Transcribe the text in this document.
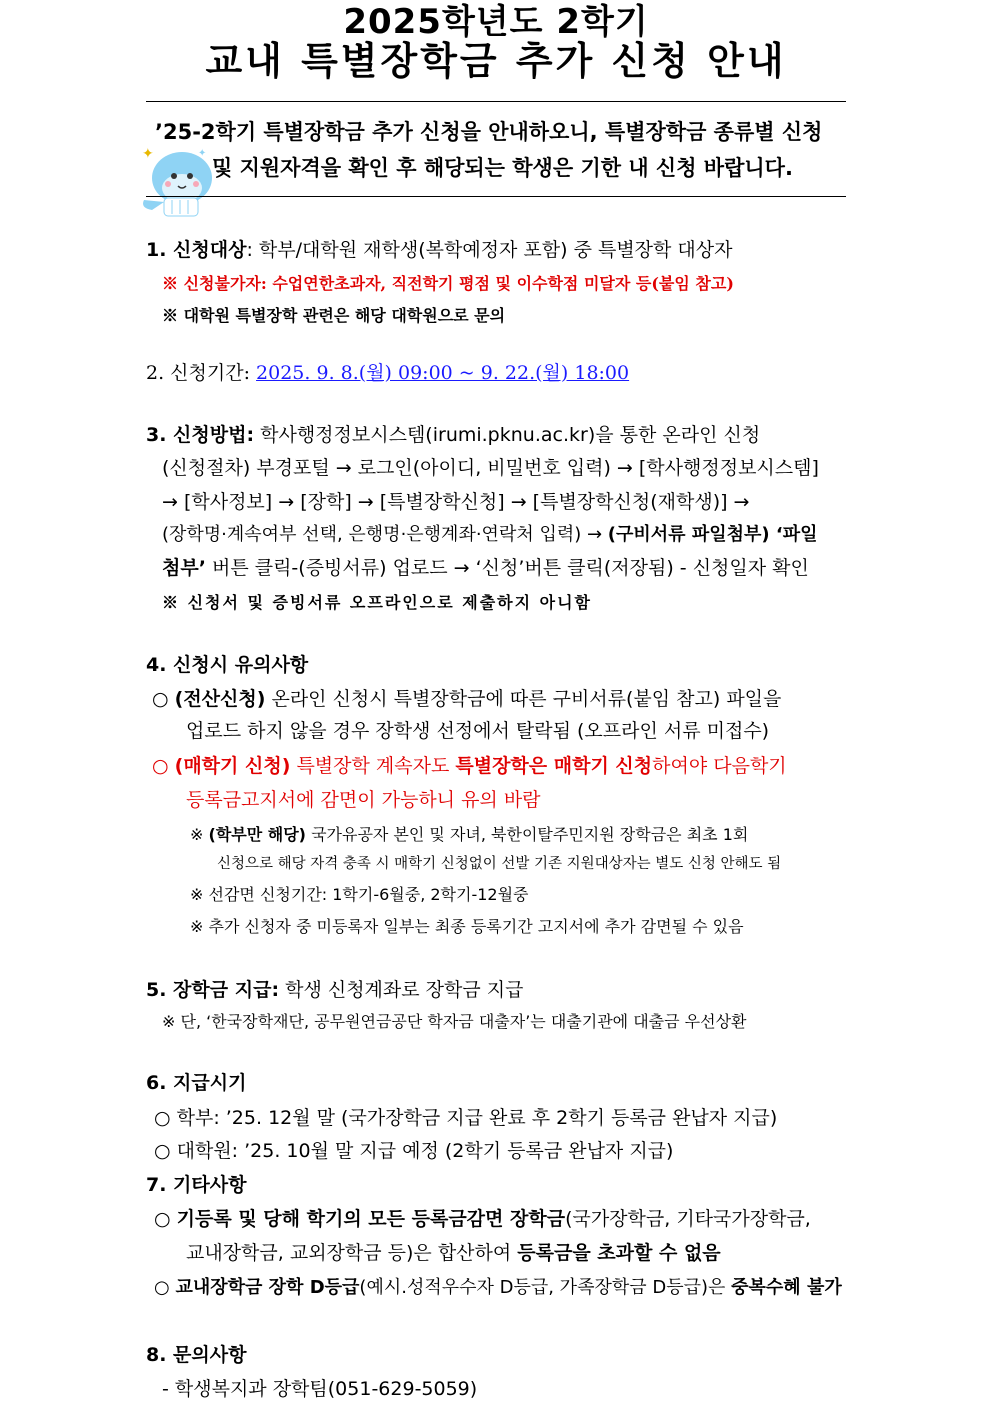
2025학년도 2학기
교내 특별장학금 추가 신청 안내
’25-2학기 특별장학금 추가 신청을 안내하오니, 특별장학금 종류별 신청
및 지원자격을 확인 후 해당되는 학생은 기한 내 신청 바랍니다.
✦	✦
1. 신청대상: 학부/대학원 재학생(복학예정자 포함) 중 특별장학 대상자
※ 신청불가자: 수업연한초과자, 직전학기 평점 및 이수학점 미달자 등(붙임 참고)
※ 대학원 특별장학 관련은 해당 대학원으로 문의
2. 신청기간: 2025. 9. 8.(월) 09:00 ~ 9. 22.(월) 18:00
3. 신청방법: 학사행정정보시스템(irumi.pknu.ac.kr)을 통한 온라인 신청
(신청절차) 부경포털 → 로그인(아이디, 비밀번호 입력) → [학사행정정보시스템]
→ [학사정보] → [장학] → [특별장학신청] → [특별장학신청(재학생)] →
(장학명·계속여부 선택, 은행명·은행계좌·연락처 입력) → (구비서류 파일첨부) ‘파일
첨부’ 버튼 클릭-(증빙서류) 업로드 → ‘신청’버튼 클릭(저장됨) - 신청일자 확인
※ 신청서 및 증빙서류 오프라인으로 제출하지 아니함
4. 신청시 유의사항
○ (전산신청) 온라인 신청시 특별장학금에 따른 구비서류(붙임 참고) 파일을
업로드 하지 않을 경우 장학생 선정에서 탈락됨 (오프라인 서류 미접수)
○ (매학기 신청) 특별장학 계속자도 특별장학은 매학기 신청하여야 다음학기
등록금고지서에 감면이 가능하니 유의 바람
※ (학부만 해당) 국가유공자 본인 및 자녀, 북한이탈주민지원 장학금은 최초 1회
신청으로 해당 자격 충족 시 매학기 신청없이 선발 기존 지원대상자는 별도 신청 안해도 됨
※ 선감면 신청기간: 1학기-6월중, 2학기-12월중
※ 추가 신청자 중 미등록자 일부는 최종 등록기간 고지서에 추가 감면될 수 있음
5. 장학금 지급: 학생 신청계좌로 장학금 지급
※ 단, ‘한국장학재단, 공무원연금공단 학자금 대출자’는 대출기관에 대출금 우선상환
6. 지급시기
○ 학부: ’25. 12월 말 (국가장학금 지급 완료 후 2학기 등록금 완납자 지급)
○ 대학원: ’25. 10월 말 지급 예정 (2학기 등록금 완납자 지급)
7. 기타사항
○ 기등록 및 당해 학기의 모든 등록금감면 장학금(국가장학금, 기타국가장학금,
교내장학금, 교외장학금 등)은 합산하여 등록금을 초과할 수 없음
○ 교내장학금 장학 D등급(예시.성적우수자 D등급, 가족장학금 D등급)은 중복수혜 불가
8. 문의사항
- 학생복지과 장학팀(051-629-5059)
